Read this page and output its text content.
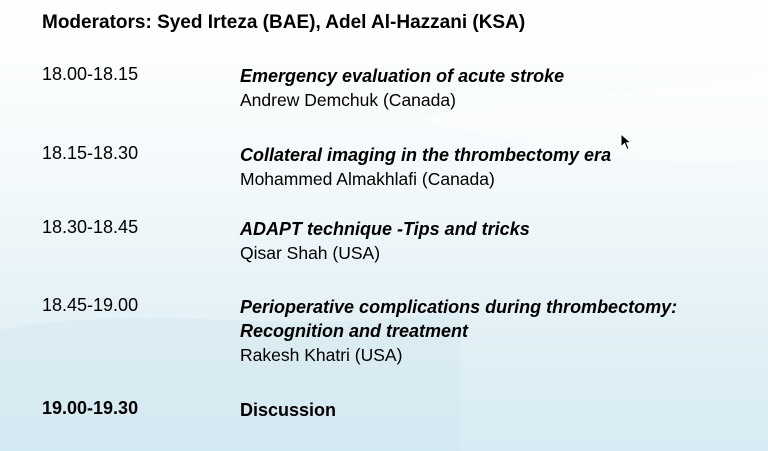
Moderators: Syed Irteza (BAE), Adel Al-Hazzani (KSA)
18.00-18.15	Emergency evaluation of acute stroke
Andrew Demchuk (Canada)
18.15-18.30	Collateral imaging in the thrombectomy era
Mohammed Almakhlafi (Canada)
18.30-18.45	ADAPT technique -Tips and tricks
Qisar Shah (USA)
18.45-19.00	Perioperative complications during thrombectomy:
Recognition and treatment
Rakesh Khatri (USA)
19.00-19.30	Discussion
